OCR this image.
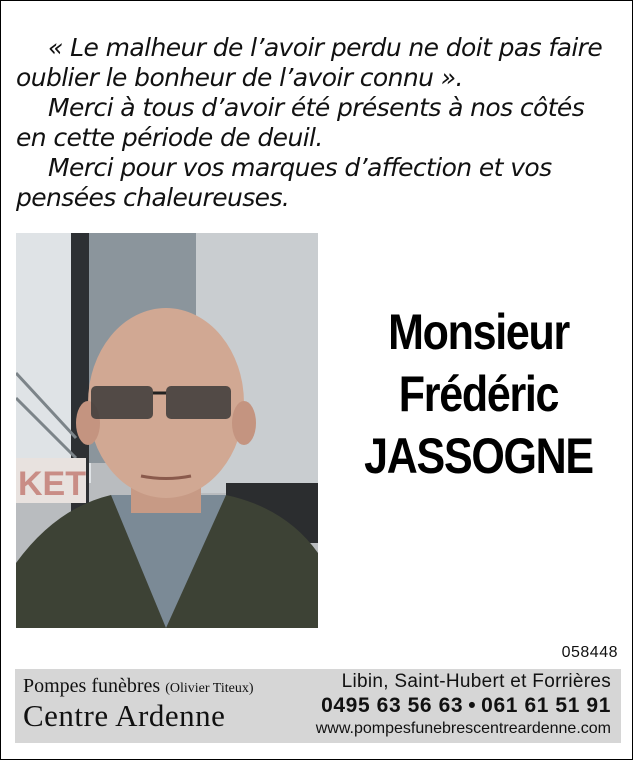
« Le malheur de l’avoir perdu ne doit pas faire oublier le bonheur de l’avoir connu ».

Merci à tous d’avoir été présents à nos côtés en cette période de deuil.

Merci pour vos marques d’affection et vos pensées chaleureuses.

KET
Monsieur
Frédéric
JASSOGNE
058448
Pompes funèbres (Olivier Titeux)
Centre Ardenne
Libin, Saint-Hubert et Forrières
0495 63 56 63 • 061 61 51 91
www.pompesfunebrescentreardenne.com
